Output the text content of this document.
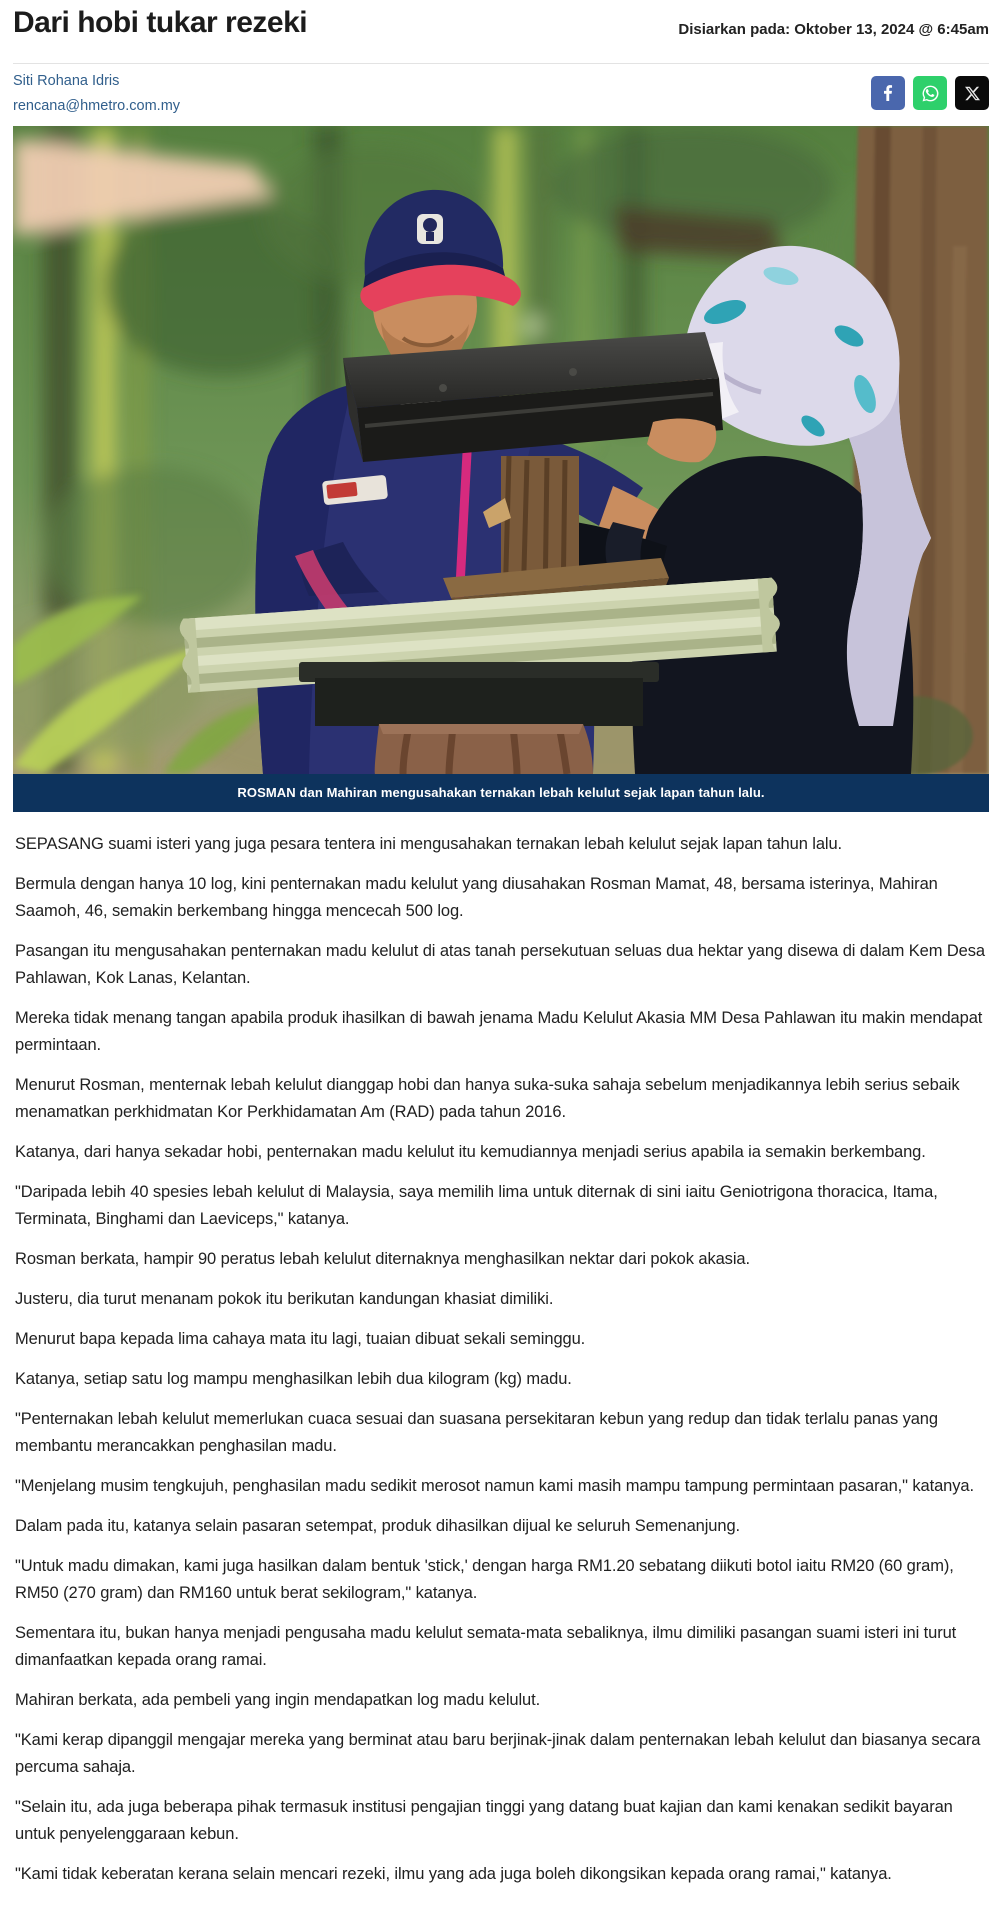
Dari hobi tukar rezeki	Disiarkan pada: Oktober 13, 2024 @ 6:45am
Siti Rohana Idris
rencana@hmetro.com.my
ROSMAN dan Mahiran mengusahakan ternakan lebah kelulut sejak lapan tahun lalu.

SEPASANG suami isteri yang juga pesara tentera ini mengusahakan ternakan lebah kelulut sejak lapan tahun lalu.

Bermula dengan hanya 10 log, kini penternakan madu kelulut yang diusahakan Rosman Mamat, 48, bersama isterinya, Mahiran Saamoh, 46, semakin berkembang hingga mencecah 500 log.

Pasangan itu mengusahakan penternakan madu kelulut di atas tanah persekutuan seluas dua hektar yang disewa di dalam Kem Desa Pahlawan, Kok Lanas, Kelantan.

Mereka tidak menang tangan apabila produk ihasilkan di bawah jenama Madu Kelulut Akasia MM Desa Pahlawan itu makin mendapat permintaan.

Menurut Rosman, menternak lebah kelulut dianggap hobi dan hanya suka-suka sahaja sebelum menjadikannya lebih serius sebaik menamatkan perkhidmatan Kor Perkhidamatan Am (RAD) pada tahun 2016.

Katanya, dari hanya sekadar hobi, penternakan madu kelulut itu kemudiannya menjadi serius apabila ia semakin berkembang.

"Daripada lebih 40 spesies lebah kelulut di Malaysia, saya memilih lima untuk diternak di sini iaitu Geniotrigona thoracica, Itama, Terminata, Binghami dan Laeviceps," katanya.

Rosman berkata, hampir 90 peratus lebah kelulut diternaknya menghasilkan nektar dari pokok akasia.

Justeru, dia turut menanam pokok itu berikutan kandungan khasiat dimiliki.

Menurut bapa kepada lima cahaya mata itu lagi, tuaian dibuat sekali seminggu.

Katanya, setiap satu log mampu menghasilkan lebih dua kilogram (kg) madu.

"Penternakan lebah kelulut memerlukan cuaca sesuai dan suasana persekitaran kebun yang redup dan tidak terlalu panas yang membantu merancakkan penghasilan madu.

"Menjelang musim tengkujuh, penghasilan madu sedikit merosot namun kami masih mampu tampung permintaan pasaran," katanya.

Dalam pada itu, katanya selain pasaran setempat, produk dihasilkan dijual ke seluruh Semenanjung.

"Untuk madu dimakan, kami juga hasilkan dalam bentuk 'stick,' dengan harga RM1.20 sebatang diikuti botol iaitu RM20 (60 gram), RM50 (270 gram) dan RM160 untuk berat sekilogram," katanya.

Sementara itu, bukan hanya menjadi pengusaha madu kelulut semata-mata sebaliknya, ilmu dimiliki pasangan suami isteri ini turut dimanfaatkan kepada orang ramai.

Mahiran berkata, ada pembeli yang ingin mendapatkan log madu kelulut.

"Kami kerap dipanggil mengajar mereka yang berminat atau baru berjinak-jinak dalam penternakan lebah kelulut dan biasanya secara percuma sahaja.

"Selain itu, ada juga beberapa pihak termasuk institusi pengajian tinggi yang datang buat kajian dan kami kenakan sedikit bayaran untuk penyelenggaraan kebun.

"Kami tidak keberatan kerana selain mencari rezeki, ilmu yang ada juga boleh dikongsikan kepada orang ramai," katanya.
